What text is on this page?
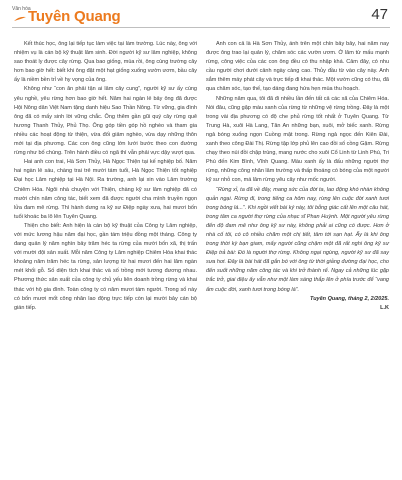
Văn hóa
Tuyên Quang	47

Kết thúc học, ông lại tiếp tục làm việc tại làm trường. Lúc này, ông với nhiệm vụ là cán bộ kỹ thuật lâm sinh. Đời người kỹ sư lâm nghiệp, không sao thoát ly được cây rừng. Qua bao giống, mùa rồi, ông cùng trường cây hơn bao giờ hết: biết khi ông đặt một hạt giống xuống vườn ươm, bầu cây ấy là niềm bền trỉ về hy vọng của ông.

Không như “con ăn phải tận ai lâm cây cung”, người kỹ sư ấy cùng yêu nghề, yêu rừng hơn bao giờ hết. Năm hai ngàn lẻ bảy ông đã được Hội Nông dân Việt Nam tặng danh hiệu Sao Thần Nông. Từ vững, gia đình ông đã có mấy sinh lời vững chắc. Ông thêm gần gũi quý cây rừng quê hương Thanh Thủy, Phủ Thọ. Ông góp tiền góp hồ nghèo và tham gia nhiều các hoạt động từ thiện, vừa đối giảm nghèo, vừa dạy những thôn mới tại địa phương. Các con ông cũng lớn lưới bước theo con đường rừng như bố chúng. Trên hành điều có ngã thì vẫn phải vực dậy vượt qua.

Hai anh con trai, Hà Sơn Thủy, Hà Ngọc Thiện tại kế nghiệp bố. Năm hai ngàn lẻ sáu, chàng trai trẻ mười tám tuổi, Hà Ngọc Thiện tốt nghiệp Đại học Lâm nghiệp tại Hà Nội. Ra trường, anh lại xin vào Lâm trường Chiêm Hóa. Ngôi nhà chuyện với Thiện, chàng kỹ sư lâm nghiệp đã có mười chín năm công tác, biết xem đã được người cha mình truyền ngọn lửa đam mê rừng. Thì hành dưng ra kỹ sư Điệp ngày xưa, hai mươi bốn tuổi khoác ba lô lên Tuyên Quang.

Thiện cho biết: Anh hiện là cán bộ kỹ thuật của Công ty Lâm nghiệp, với mức lương hậu năm đại học, gần tám triệu đồng một tháng. Công ty đang quản lý năm nghìn bảy trăm héc ta rừng của mười bốn xã, thị trấn với mười đội sản xuất. Mỗi năm Công ty Lâm nghiệp Chiêm Hóa khai thác khoảng năm trăm héc ta rừng, sản lượng từ hai mươi đến hai lăm ngàn mét khối gỗ. Số diện tích khai thác và số trồng mới tương đương nhau. Phương thức sản xuất của công ty chủ yếu liên doanh trồng rừng và khai thác với hộ gia đình. Toàn công ty có năm mươi tám người. Trong số này có bốn mươi mốt công nhân lao động trực tiếp còn lại mười bảy cán bộ gián tiếp.

Anh con cả là Hà Sơn Thủy, ánh trên một chín bảy bảy, hai năm nay được ông trao lại quản lý, chăm sóc các vườn ươm. Ở lâm từ mấu mạnh rừng, công việc của các con ông đều có thu nhập khá. Cảm đây, có nhu cầu người chơi dưới cảnh ngày càng cao. Thủy đầu từ vào cây này. Anh sắm thêm máy phát cây và trực tiếp đi khai thác. Một vườn cũng có thu, đã qua chăm sóc, tạo thế, tạo dáng đang hứa hẹn mùa thu hoạch.

Những năm qua, tôi đã đi nhiều lần đến tất cả các xã của Chiêm Hóa. Nói đâu, cũng gặp màu xanh của rừng từ những vệ rừng trồng. Đây là một trong vài địa phương có độ che phủ rừng tốt nhất ở Tuyên Quang. Từ Trung Hà, xuôi Hà Lang, Tân An những bạn, xuôi, mở biếc xanh. Rừng ngả bóng xuống ngọn Cuồng mật trong. Rừng ngả ngọc đến Kiên Đài, xanh theo công Đài Thị. Rừng tập lớp phủ lên cao đồi số cồng Gậm. Rừng chạy theo núi đồi chập trùng, mang nước cho xuôi Cổ Linh từ Linh Phú, Tri Phú đến Kim Bình, Vĩnh Quang. Màu xanh ấy là đấu những người thợ rừng, những công nhân lâm trường và thấp thoáng có bóng của một người kỹ sư nhỏ con, má lâm rừng yêu cây như mốc người.

“Rừng xỉ, ta đã về đây, mang sức của đời ta, lao động khó nhàn không quản ngại. Rừng đi, trong tiếng ca hôm nay, rừng lên cuộc đời xanh tươi trong bóng lá...”. Khi ngồi viết bài ký này, tôi bỗng giác cất lên một câu hát, trong tâm ca người thợ rừng của nhạc sĩ Phan Huỳnh. Một người yêu rừng đến độ đam mê như ông kỹ sư này, không phải ai cũng có được. Hơn ở nhà cố tôi, có cô nhiều chăm một chị tiết, tâm tới sạn hạt. Ấy là khi ông trong thời kỳ bạn giam, mấy người cũng chậm một đã rất nghi ông kỹ sư Điệp trả bài: Đó là người thợ rừng. Không ngại ngùng, người kỹ sư đã say sưa hơi. Đây là bài hát đã gắn bó với ông từ thời giảng đường đại học, cho đến suốt những năm công tác và khi trở thành rể. Ngay cả những lúc gặp trắc trở, giai điệu ấy vẫn như một làm sáng thắp lên ở phía trước để “vang ấm cuộc đời, xanh tươi trong bóng lá”.

Tuyên Quang, tháng 2, 2/2025.

L.K
